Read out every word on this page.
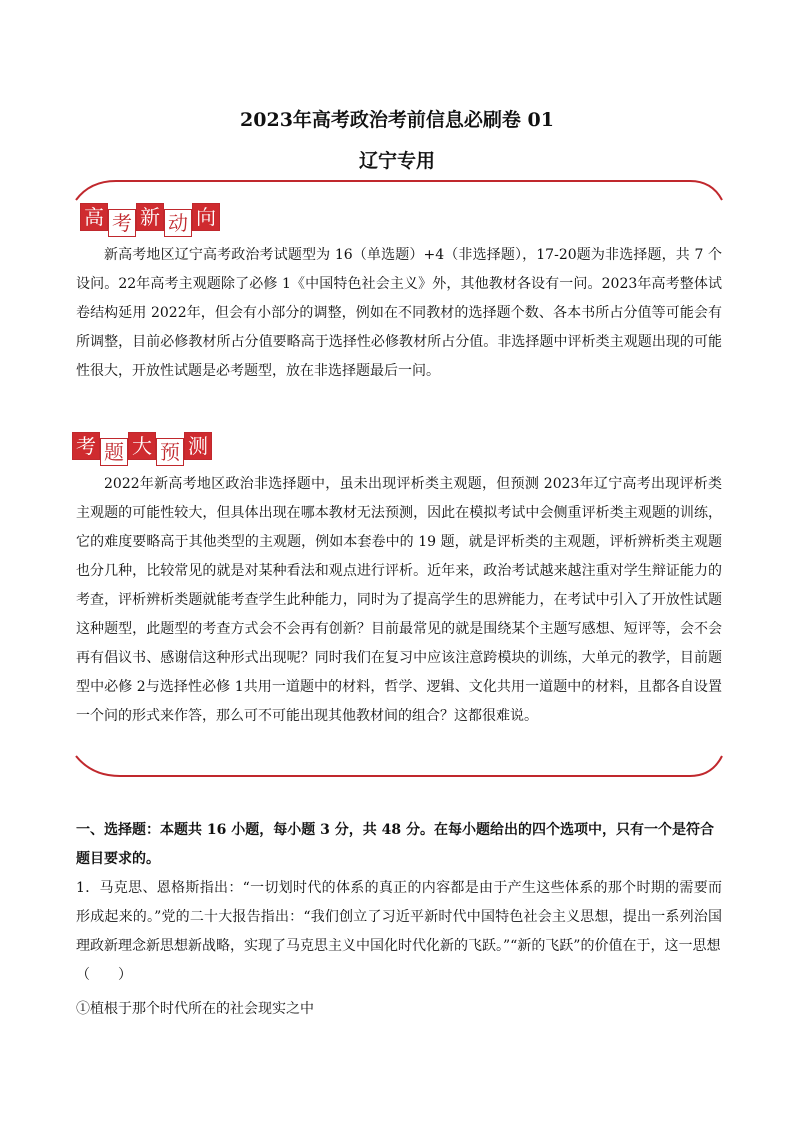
2023年高考政治考前信息必刷卷 01
辽宁专用
高 考 新 动 向

新高考地区辽宁高考政治考试题型为 16（单选题）+4（非选择题），17-20题为非选择题，共 7 个设问。22年高考主观题除了必修 1《中国特色社会主义》外，其他教材各设有一问。2023年高考整体试卷结构延用 2022年，但会有小部分的调整，例如在不同教材的选择题个数、各本书所占分值等可能会有所调整，目前必修教材所占分值要略高于选择性必修教材所占分值。非选择题中评析类主观题出现的可能性很大，开放性试题是必考题型，放在非选择题最后一问。

考 题 大 预 测

2022年新高考地区政治非选择题中，虽未出现评析类主观题，但预测 2023年辽宁高考出现评析类主观题的可能性较大，但具体出现在哪本教材无法预测，因此在模拟考试中会侧重评析类主观题的训练，它的难度要略高于其他类型的主观题，例如本套卷中的 19 题，就是评析类的主观题，评析辨析类主观题也分几种，比较常见的就是对某种看法和观点进行评析。近年来，政治考试越来越注重对学生辩证能力的考查，评析辨析类题就能考查学生此种能力，同时为了提高学生的思辨能力，在考试中引入了开放性试题这种题型，此题型的考查方式会不会再有创新？目前最常见的就是围绕某个主题写感想、短评等，会不会再有倡议书、感谢信这种形式出现呢？同时我们在复习中应该注意跨模块的训练，大单元的教学，目前题型中必修 2与选择性必修 1共用一道题中的材料，哲学、逻辑、文化共用一道题中的材料，且都各自设置一个问的形式来作答，那么可不可能出现其他教材间的组合？这都很难说。

一、选择题：本题共 16 小题，每小题 3 分，共 48 分。在每小题给出的四个选项中，只有一个是符合题目要求的。

1．马克思、恩格斯指出：“一切划时代的体系的真正的内容都是由于产生这些体系的那个时期的需要而形成起来的。”党的二十大报告指出：“我们创立了习近平新时代中国特色社会主义思想，提出一系列治国理政新理念新思想新战略，实现了马克思主义中国化时代化新的飞跃。”“新的飞跃”的价值在于，这一思想

（　　）

①植根于那个时代所在的社会现实之中
